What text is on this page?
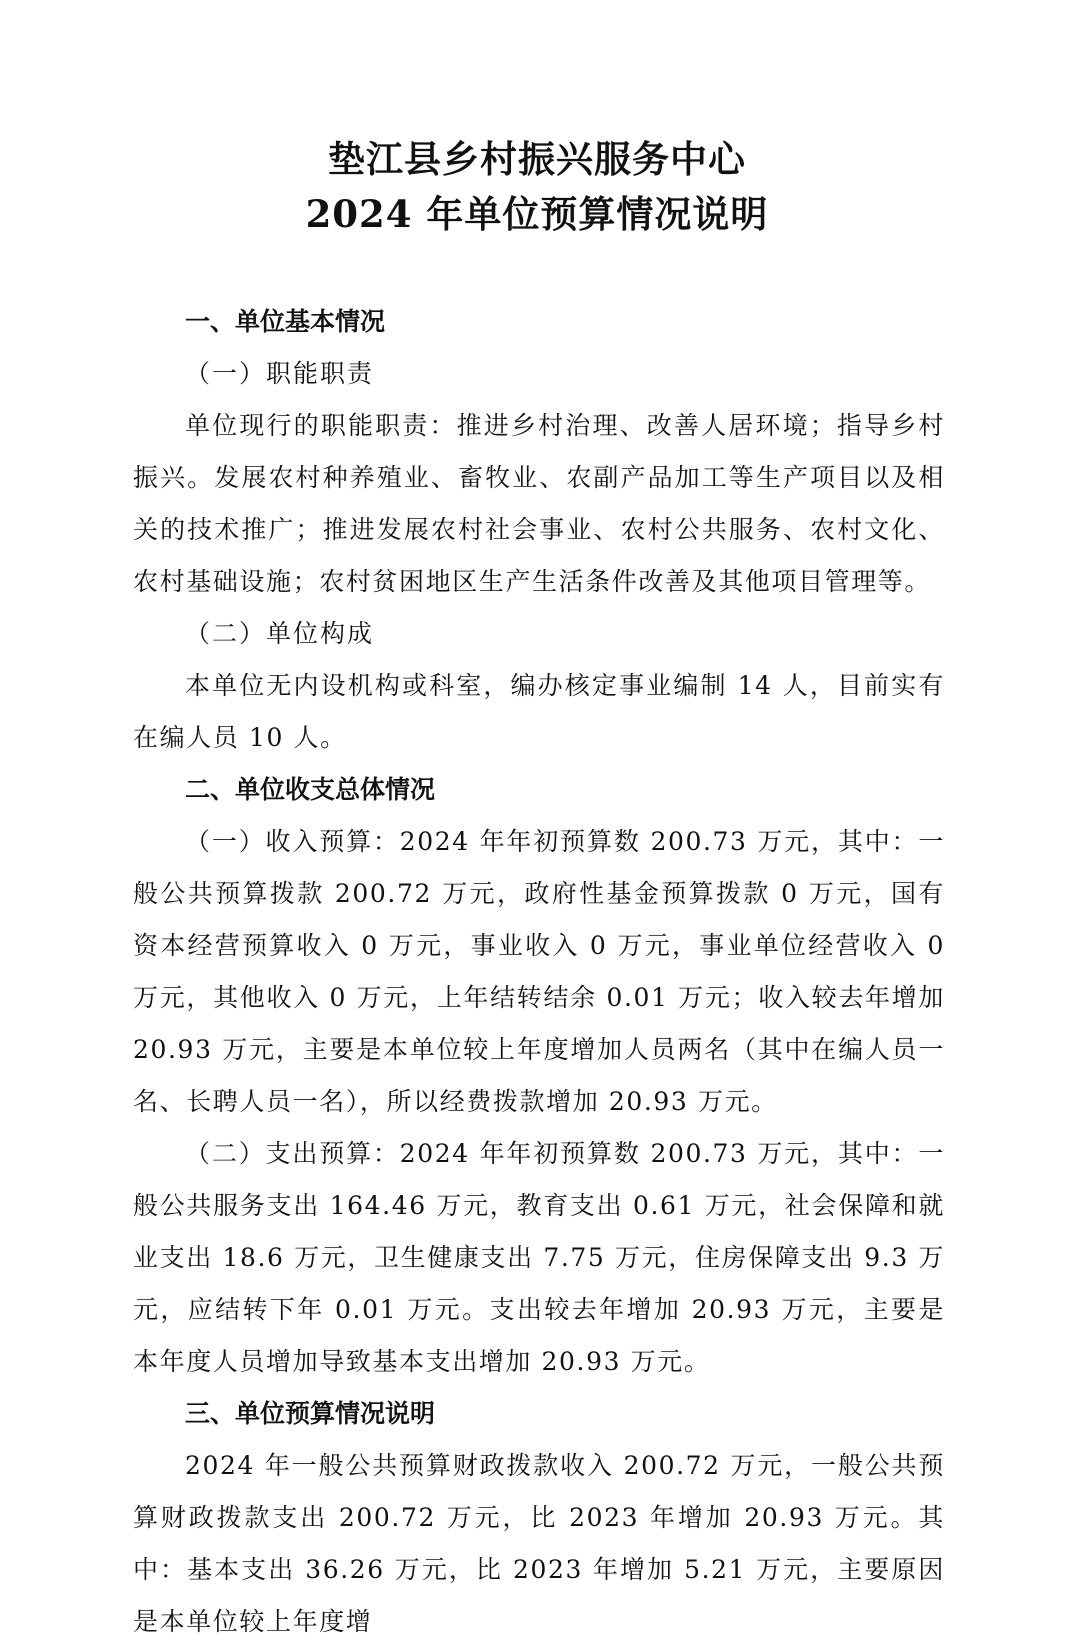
垫江县乡村振兴服务中心
2024 年单位预算情况说明

一、单位基本情况

（一）职能职责

单位现行的职能职责：推进乡村治理、改善人居环境；指导乡村振兴。发展农村种养殖业、畜牧业、农副产品加工等生产项目以及相关的技术推广；推进发展农村社会事业、农村公共服务、农村文化、农村基础设施；农村贫困地区生产生活条件改善及其他项目管理等。

（二）单位构成

本单位无内设机构或科室，编办核定事业编制 14 人，目前实有在编人员 10 人。

二、单位收支总体情况

（一）收入预算：2024 年年初预算数 200.73 万元，其中：一般公共预算拨款 200.72 万元，政府性基金预算拨款 0 万元，国有资本经营预算收入 0 万元，事业收入 0 万元，事业单位经营收入 0 万元，其他收入 0 万元，上年结转结余 0.01 万元；收入较去年增加 20.93 万元，主要是本单位较上年度增加人员两名（其中在编人员一名、长聘人员一名），所以经费拨款增加 20.93 万元。

（二）支出预算：2024 年年初预算数 200.73 万元，其中：一般公共服务支出 164.46 万元，教育支出 0.61 万元，社会保障和就业支出 18.6 万元，卫生健康支出 7.75 万元，住房保障支出 9.3 万元，应结转下年 0.01 万元。支出较去年增加 20.93 万元，主要是本年度人员增加导致基本支出增加 20.93 万元。

三、单位预算情况说明

2024 年一般公共预算财政拨款收入 200.72 万元，一般公共预算财政拨款支出 200.72 万元，比 2023 年增加 20.93 万元。其中：基本支出 36.26 万元，比 2023 年增加 5.21 万元，主要原因是本单位较上年度增
